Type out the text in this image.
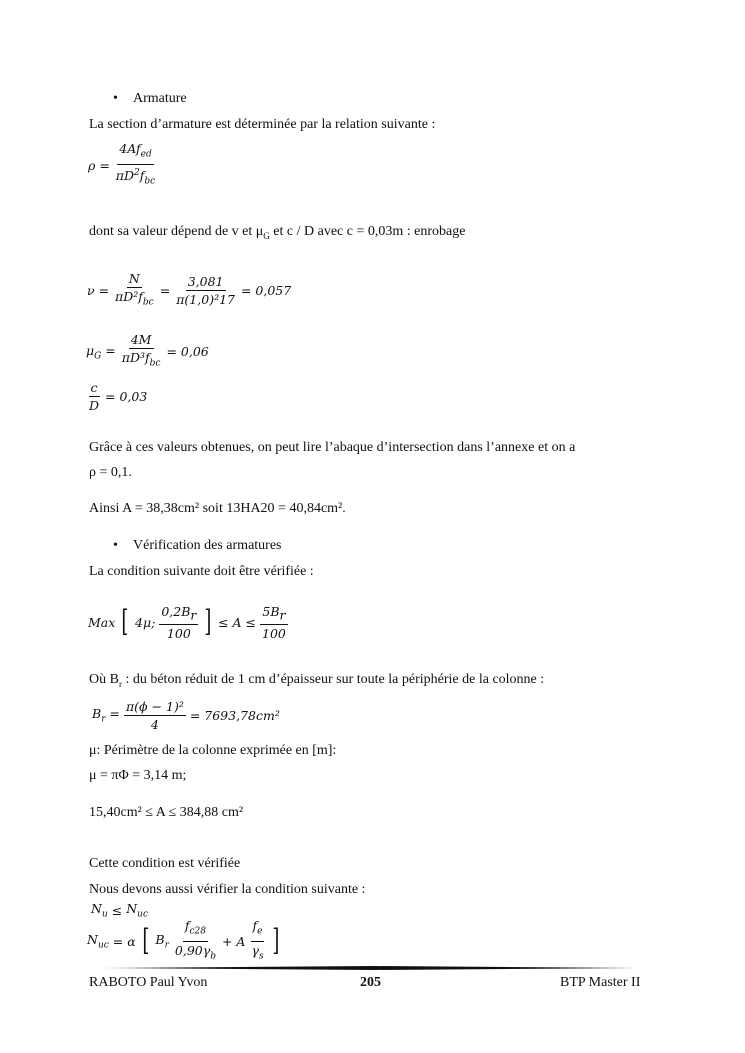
• Armature
La section d’armature est déterminée par la relation suivante :
$\rho = \frac{4Af_{ed}}{\pi D^2f_{bc}}$
dont sa valeur dépend de v et $\mu_G$ et c / D avec c = 0,03m : enrobage
$\nu = \frac{N}{\pi D^2f_{bc}} = \frac{3,081}{\text{π(1,0)²17}} = 0,057$
$\mu_G = \frac{4M}{\pi D^3f_{bc}} = 0,06$
$\frac{c}{D} = 0,03$
Grâce à ces valeurs obtenues, on peut lire l’abaque d’intersection dans l’annexe et on a
ρ = 0,1.
Ainsi A = 38,38cm² soit 13HA20 = 40,84cm².
• Vérification des armatures
La condition suivante doit être vérifiée :
Max [ 4μ; $\frac{0,2B_r}{100}$ ] ≤ $A \le \frac{5B_r}{100}$
Où $B_r$ : du béton réduit de 1 cm d’épaisseur sur toute la périphérie de la colonne :
$B_r = \frac{\text{π(ϕ − 1)²}}{4} = 7693,78cm^2$
μ: Périmètre de la colonne exprimée en [m]:
μ = πΦ = 3,14 m;
15,40cm² ≤ A ≤ 384,88 cm²
Cette condition est vérifiée
Nous devons aussi vérifier la condition suivante :
$N_u \le N_{uc}$
$N_{uc} = \alpha$ [ $B_r \frac{f_{c28}}{0,90\gamma_b} + A \frac{f_e}{\gamma_s}$ ]
RABOTO Paul Yvon	205	BTP Master II
